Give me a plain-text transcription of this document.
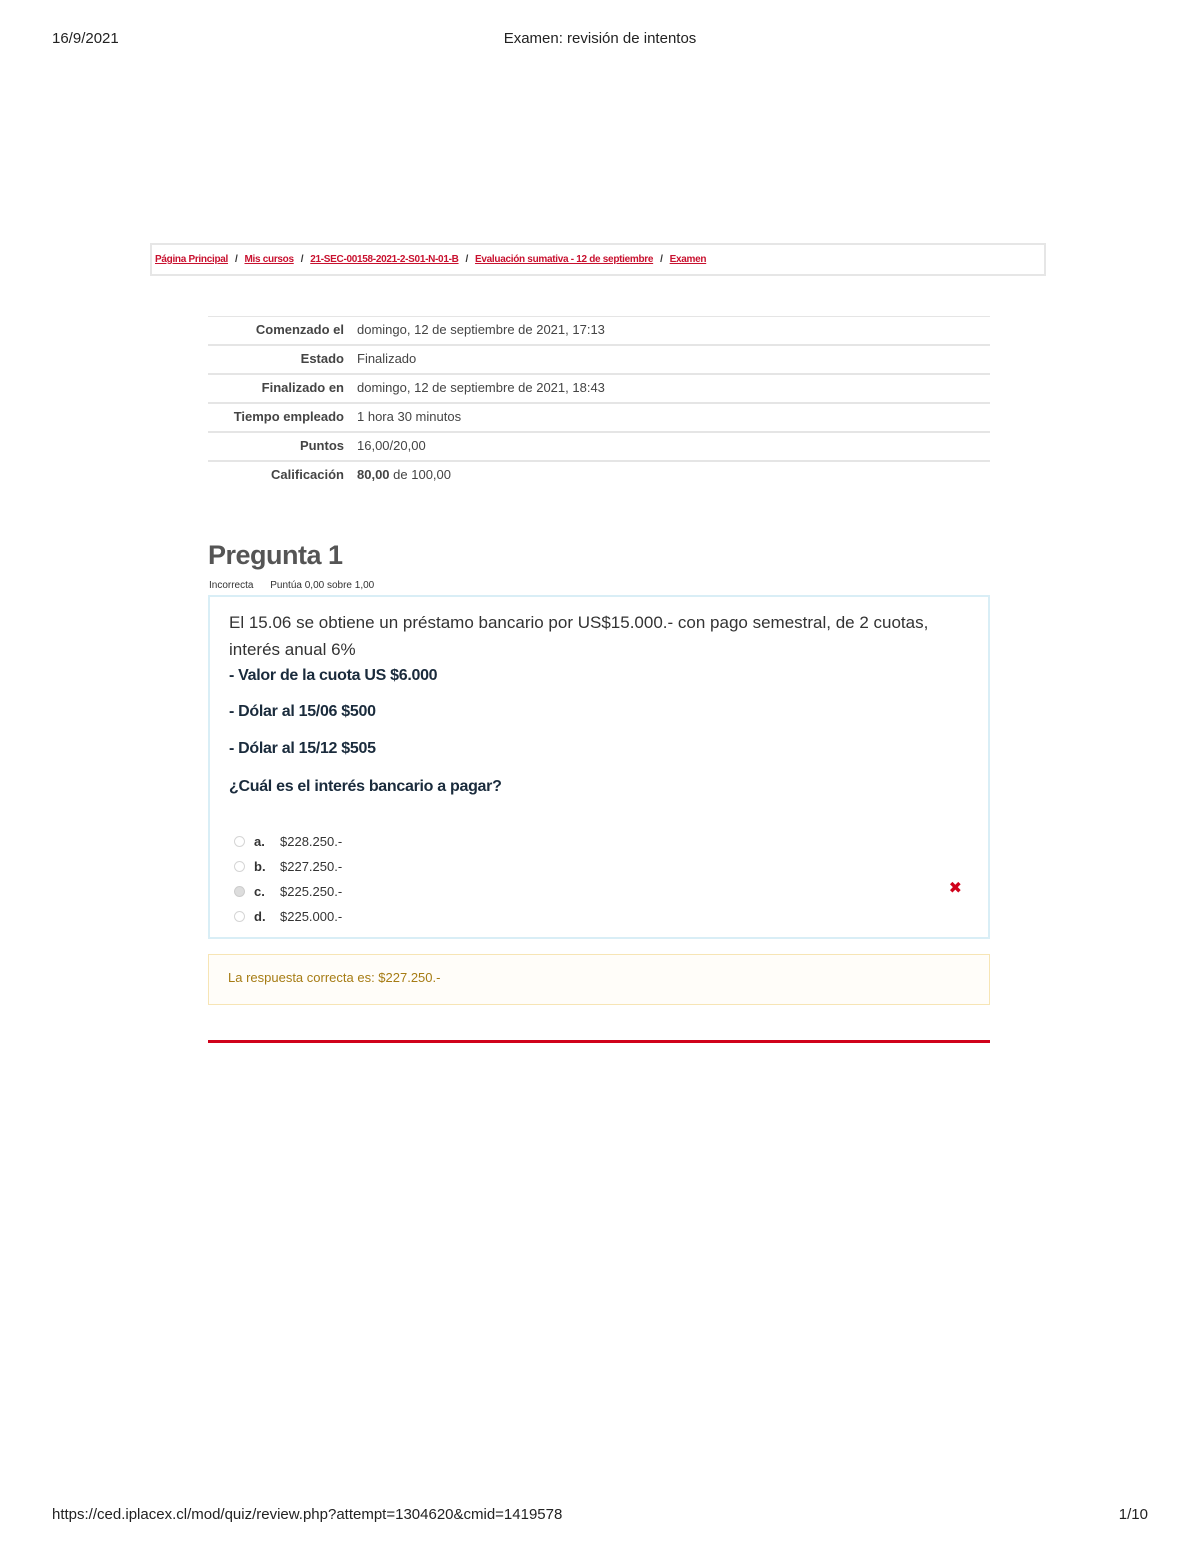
16/9/2021	Examen: revisión de intentos
Página Principal / Mis cursos / 21-SEC-00158-2021-2-S01-N-01-B / Evaluación sumativa - 12 de septiembre / Examen
Comenzado el	domingo, 12 de septiembre de 2021, 17:13
Estado	Finalizado
Finalizado en	domingo, 12 de septiembre de 2021, 18:43
Tiempo empleado	1 hora 30 minutos
Puntos	16,00/20,00
Calificación	80,00 de 100,00
Pregunta 1
Incorrecta Puntúa 0,00 sobre 1,00
El 15.06 se obtiene un préstamo bancario por US$15.000.- con pago semestral, de 2 cuotas, interés anual 6%
- Valor de la cuota US $6.000
- Dólar al 15/06 $500
- Dólar al 15/12 $505
¿Cuál es el interés bancario a pagar?
a.	$228.250.-
b.	$227.250.-
c.	$225.250.-
d.	$225.000.-
✖
La respuesta correcta es: $227.250.-
https://ced.iplacex.cl/mod/quiz/review.php?attempt=1304620&cmid=1419578	1/10
